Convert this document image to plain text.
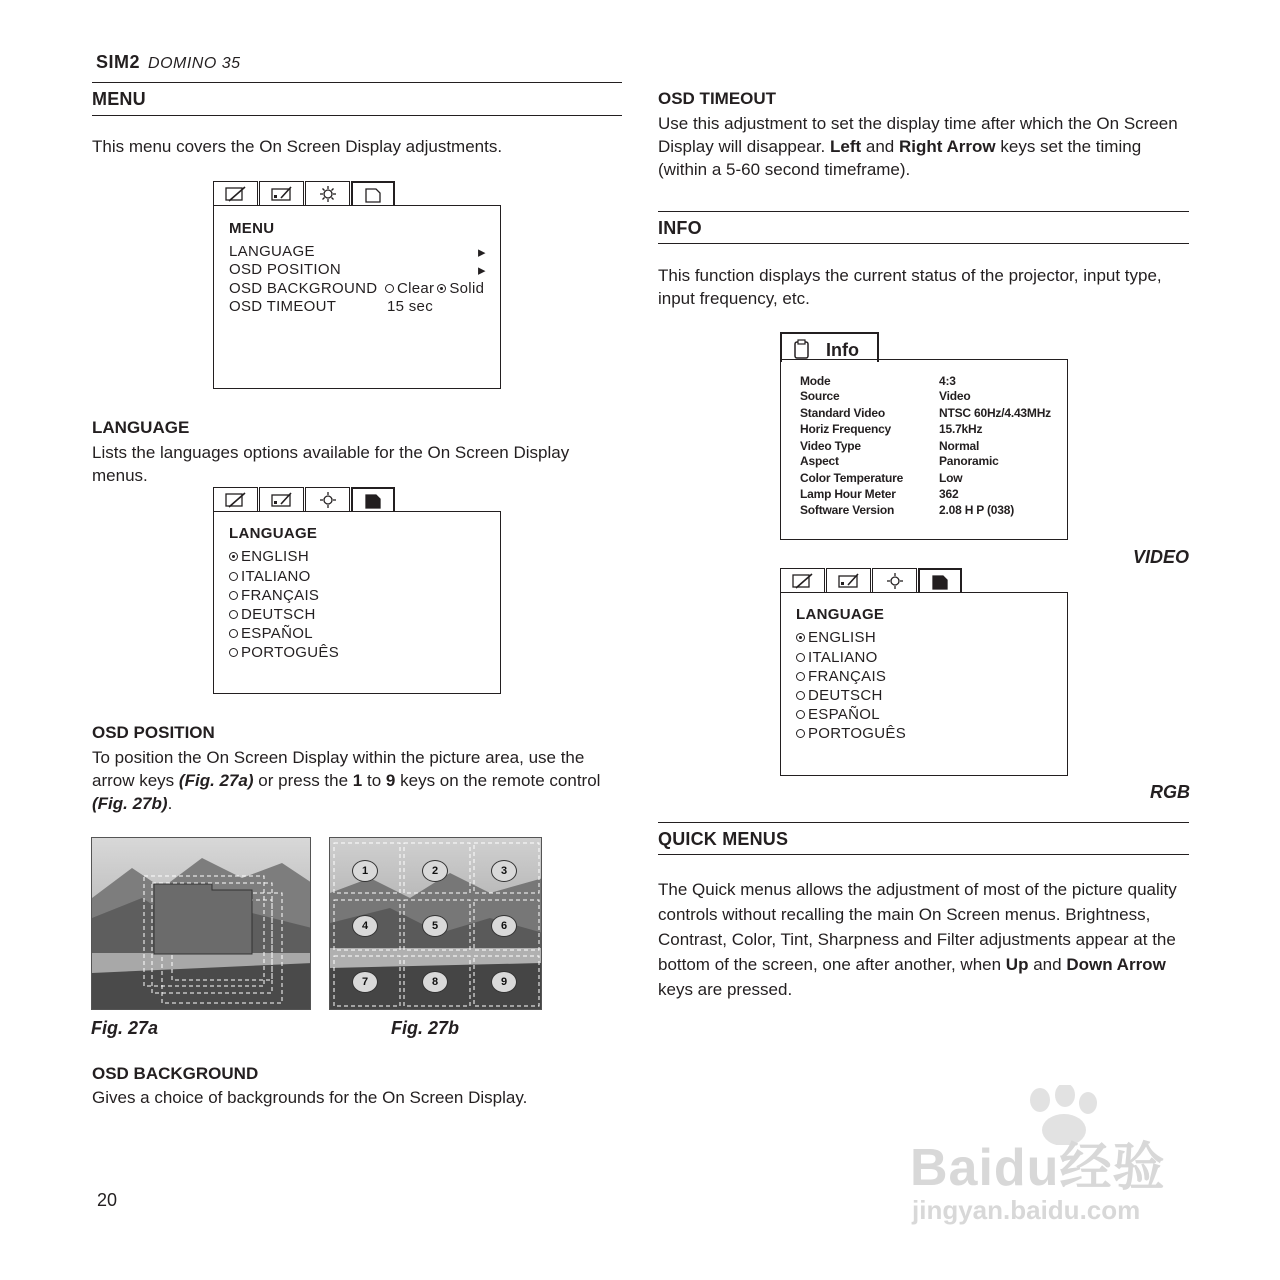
SIM2 DOMINO 35
MENU
This menu covers the On Screen Display adjustments.
MENU
LANGUAGE	▸
OSD POSITION	▸
OSD BACKGROUND	Clear Solid
OSD TIMEOUT	15 sec
LANGUAGE
Lists the languages options available for the On Screen Display menus.
LANGUAGE
ENGLISH
ITALIANO
FRANÇAIS
DEUTSCH
ESPAÑOL
PORTOGUÊS
OSD POSITION
To position the On Screen Display within the picture area, use the arrow keys (Fig. 27a) or press the 1 to 9 keys on the remote control (Fig. 27b).
1	2	3
4	5	6
7	8	9
Fig. 27a	Fig. 27b
OSD BACKGROUND
Gives a choice of backgrounds for the On Screen Display.
20
OSD TIMEOUT
Use this adjustment to set the display time after which the On Screen Display will disappear. Left and Right Arrow keys set the timing (within a 5-60 second timeframe).
INFO
This function displays the current status of the projector, input type, input frequency, etc.
Info
Mode	4:3
Source	Video
Standard Video	NTSC 60Hz/4.43MHz
Horiz Frequency	15.7kHz
Video Type	Normal
Aspect	Panoramic
Color Temperature	Low
Lamp Hour Meter	362
Software Version	2.08 H P (038)
VIDEO
LANGUAGE
ENGLISH
ITALIANO
FRANÇAIS
DEUTSCH
ESPAÑOL
PORTOGUÊS
RGB
QUICK MENUS
The Quick menus allows the adjustment of most of the picture quality controls without recalling the main On Screen menus. Brightness, Contrast, Color, Tint, Sharpness and Filter adjustments appear at the bottom of the screen, one after another, when Up and Down Arrow keys are pressed.
Baidu经验
jingyan.baidu.com
